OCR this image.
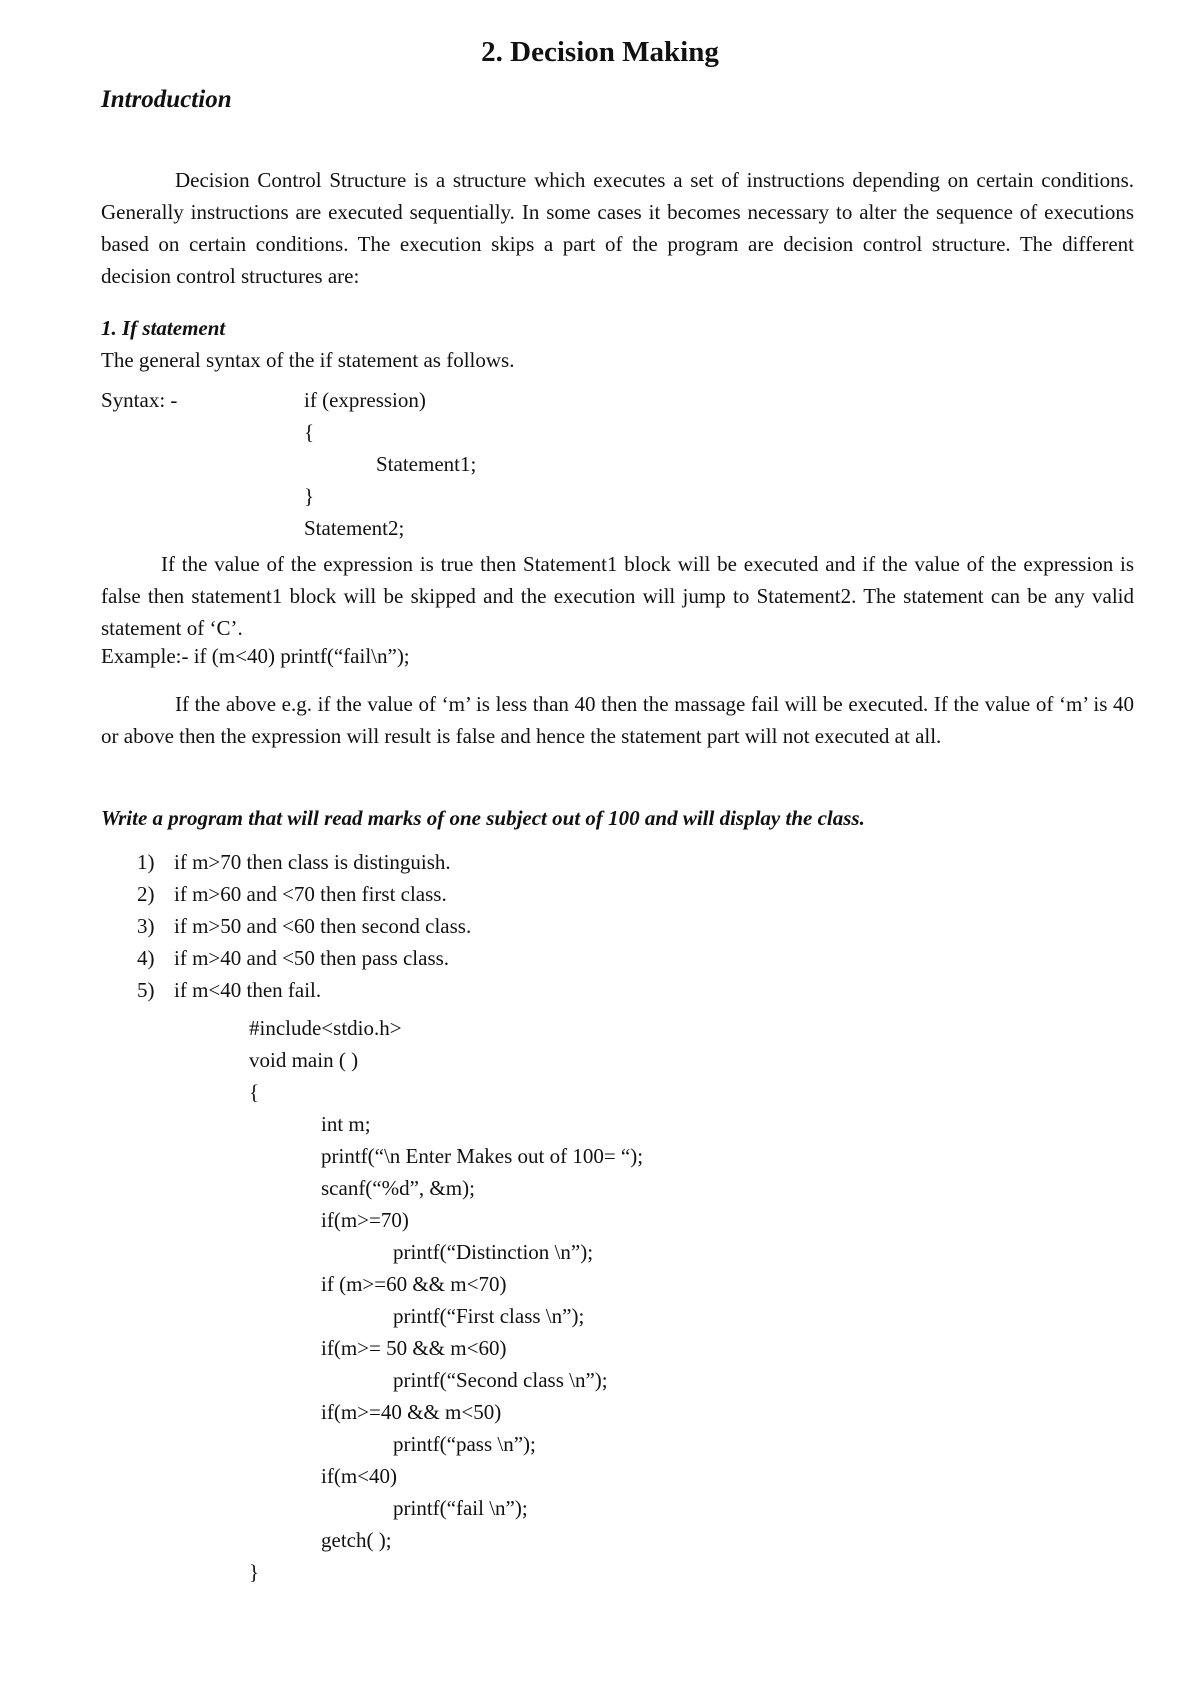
2. Decision Making
Introduction

Decision Control Structure is a structure which executes a set of instructions depending on certain conditions. Generally instructions are executed sequentially. In some cases it becomes necessary to alter the sequence of executions based on certain conditions. The execution skips a part of the program are decision control structure. The different decision control structures are:

1. If statement
The general syntax of the if statement as follows.
Syntax: -	if (expression)
{
Statement1;
}
Statement2;

If the value of the expression is true then Statement1 block will be executed and if the value of the expression is false then statement1 block will be skipped and the execution will jump to Statement2. The statement can be any valid statement of ‘C’.

Example:- if (m<40) printf(“fail\n”);

If the above e.g. if the value of ‘m’ is less than 40 then the massage fail will be executed. If the value of ‘m’ is 40 or above then the expression will result is false and hence the statement part will not executed at all.

Write a program that will read marks of one subject out of 100 and will display the class.
1) if m>70 then class is distinguish.
2) if m>60 and <70 then first class.
3) if m>50 and <60 then second class.
4) if m>40 and <50 then pass class.
5) if m<40 then fail.
#include<stdio.h>
void main ( )
{
int m;
printf(“\n Enter Makes out of 100= “);
scanf(“%d”, &m);
if(m>=70)
printf(“Distinction \n”);
if (m>=60 && m<70)
printf(“First class \n”);
if(m>= 50 && m<60)
printf(“Second class \n”);
if(m>=40 && m<50)
printf(“pass \n”);
if(m<40)
printf(“fail \n”);
getch( );
}
